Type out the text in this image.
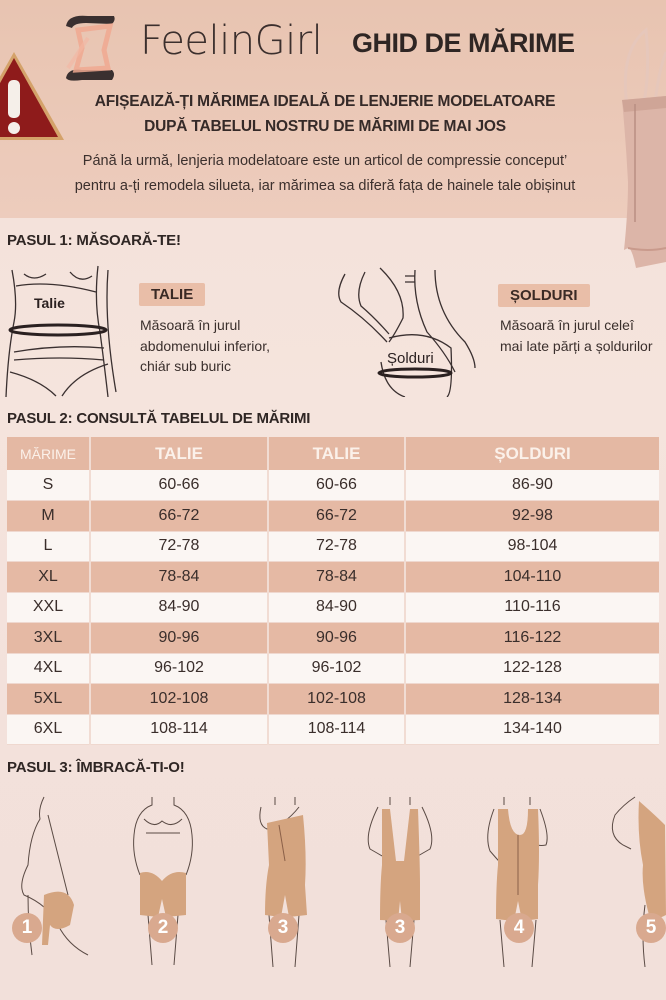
FeelinGirl GHID DE MĂRIME
AFIȘEAIZĂ-ȚI MĂRIMEA IDEALĂ DE LENJERIE MODELATOARE
DUPĂ TABELUL NOSTRU DE MĂRIMI DE MAI JOS
Pánă la urmă, lenjeria modelatoare este un articol de compressie conceput’
pentru a-ți remodela silueta, iar mărimea sa diferă fața de hainele tale obișinut
PASUL 1: MĂSOARĂ-TE!
Talie	TALIE
Măsoară în jurul
abdomenului inferior,
chiár sub buric	Șolduri
ȘOLDURI
Măsoară în jurul celeî
mai late părți a șoldurilor
PASUL 2: CONSULTĂ TABELUL DE MĂRIMI
MĂRIME	TALIE	TALIE	ȘOLDURI
S	60-66	60-66	86-90
M	66-72	66-72	92-98
L	72-78	72-78	98-104
XL	78-84	78-84	104-110
XXL	84-90	84-90	110-116
3XL	90-96	90-96	116-122
4XL	96-102	96-102	122-128
5XL	102-108	102-108	128-134
6XL	108-114	108-114	134-140
PASUL 3: ÎMBRACĂ-TI-O!
1	2	3	3	4	5
